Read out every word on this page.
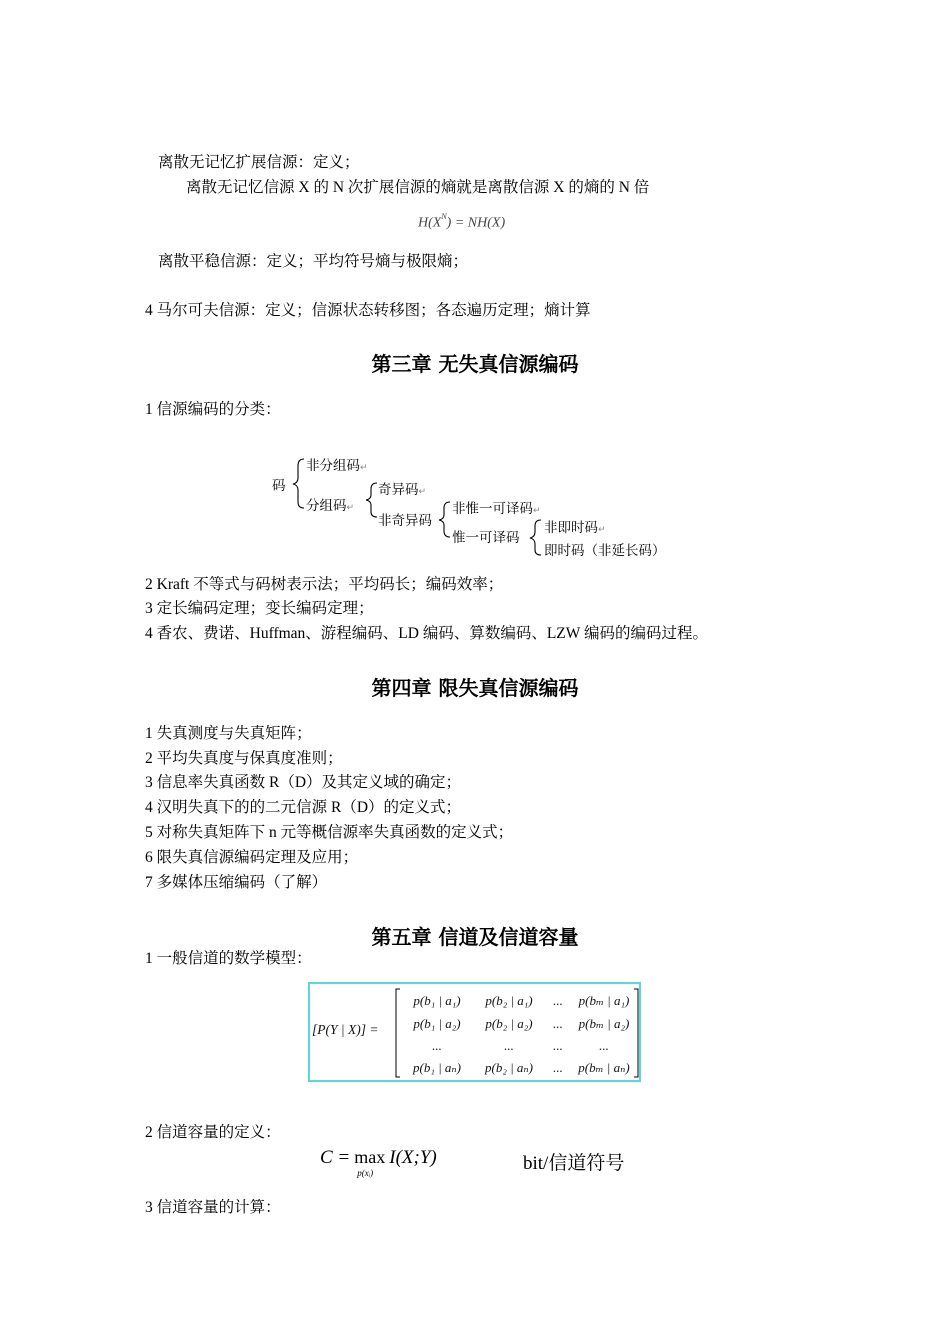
离散无记忆扩展信源：定义；
离散无记忆信源 X 的 N 次扩展信源的熵就是离散信源 X 的熵的 N 倍
$H(X^N) = NH(X)$
离散平稳信源：定义；平均符号熵与极限熵；
4 马尔可夫信源：定义；信源状态转移图；各态遍历定理；熵计算
第三章 无失真信源编码
1 信源编码的分类：
码
非分组码↵
分组码↵
奇异码↵
非奇异码
非惟一可译码↵
惟一可译码
非即时码↵
即时码（非延长码）
2 Kraft 不等式与码树表示法；平均码长；编码效率；
3 定长编码定理；变长编码定理；
4 香农、费诺、Huffman、游程编码、LD 编码、算数编码、LZW 编码的编码过程。
第四章 限失真信源编码
1 失真测度与失真矩阵；
2 平均失真度与保真度准则；
3 信息率失真函数 R（D）及其定义域的确定；
4 汉明失真下的的二元信源 R（D）的定义式；
5 对称失真矩阵下 n 元等概信源率失真函数的定义式；
6 限失真信源编码定理及应用；
7 多媒体压缩编码（了解）
第五章 信道及信道容量
1 一般信道的数学模型：
[P(Y | X)] =
p(b₁ | a₁)	p(b₂ | a₁)	...	p(bₘ | a₁)
p(b₁ | a₂)	p(b₂ | a₂)	...	p(bₘ | a₂)
...	...	...	...
p(b₁ | aₙ)	p(b₂ | aₙ)	...	p(bₘ | aₙ)
2 信道容量的定义：
C = max
p(xᵢ)
I(X;Y)	bit/信道符号
3 信道容量的计算：
